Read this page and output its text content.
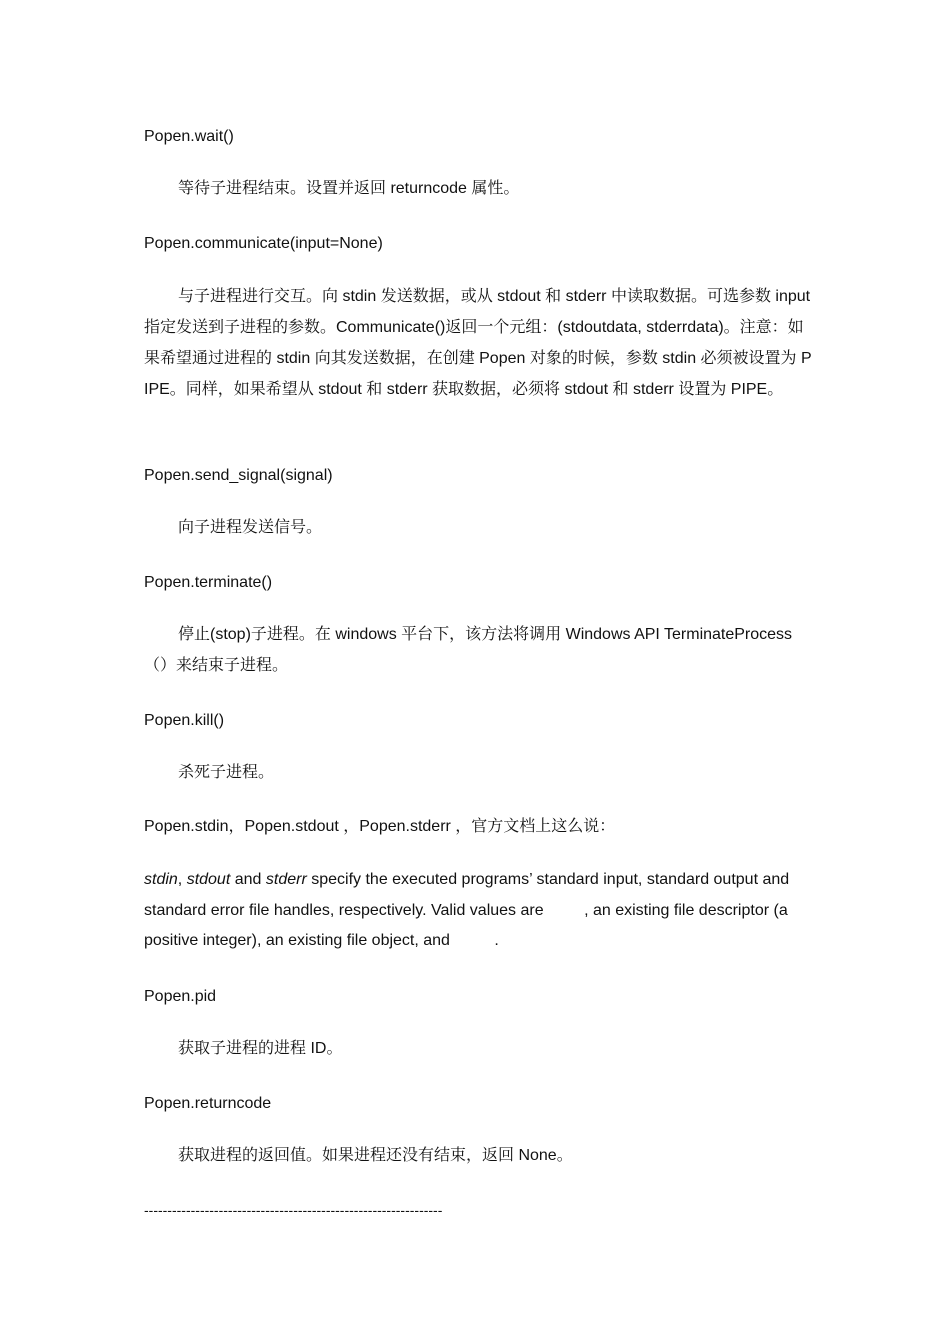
Popen.wait()
等待子进程结束。设置并返回 returncode 属性。
Popen.communicate(input=None)
与子进程进行交互。向 stdin 发送数据，或从 stdout 和 stderr 中读取数据。可选参数 input 指定发送到子进程的参数。Communicate()返回一个元组：(stdoutdata, stderrdata)。注意：如果希望通过进程的 stdin 向其发送数据，在创建 Popen 对象的时候，参数 stdin 必须被设置为 PIPE。同样，如果希望从 stdout 和 stderr 获取数据，必须将 stdout 和 stderr 设置为 PIPE。
Popen.send_signal(signal)
向子进程发送信号。
Popen.terminate()
停止(stop)子进程。在 windows 平台下，该方法将调用 Windows API TerminateProcess（）来结束子进程。
Popen.kill()
杀死子进程。
Popen.stdin，Popen.stdout ，Popen.stderr ，官方文档上这么说：
stdin, stdout and stderr specify the executed programs’ standard input, standard output and standard error file handles, respectively. Valid values are , an existing file descriptor (a positive integer), an existing file object, and	.
Popen.pid
获取子进程的进程 ID。
Popen.returncode
获取进程的返回值。如果进程还没有结束，返回 None。
----------------------------------------------------------------
